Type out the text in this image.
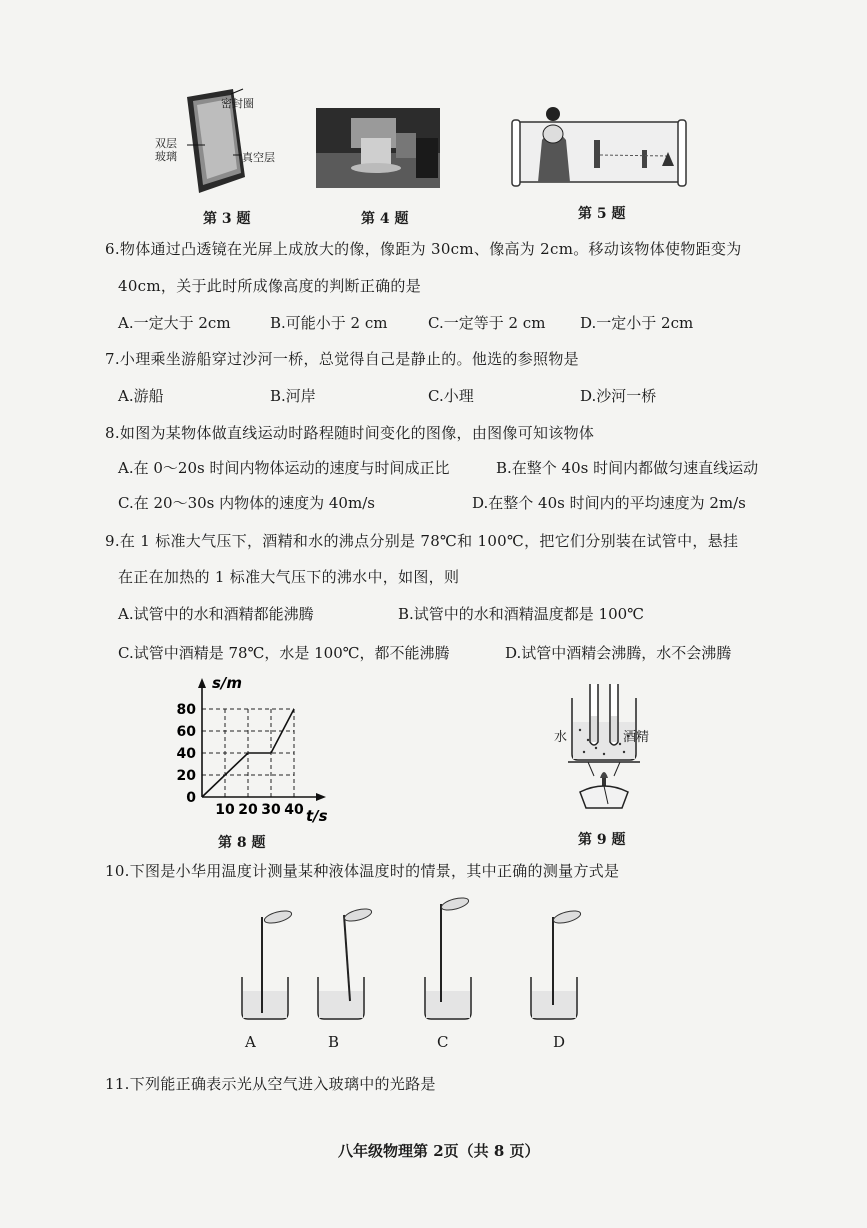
密封圈
双层
玻璃	真空层
第 3 题	第 4 题	第 5 题
6.物体通过凸透镜在光屏上成放大的像，像距为 30cm、像高为 2cm。移动该物体使物距变为
40cm，关于此时所成像高度的判断正确的是
A.一定大于 2cm	B.可能小于 2 cm	C.一定等于 2 cm D.一定小于 2cm
7.小理乘坐游船穿过沙河一桥，总觉得自己是静止的。他选的参照物是
A.游船	B.河岸	C.小理	D.沙河一桥
8.如图为某物体做直线运动时路程随时间变化的图像，由图像可知该物体
A.在 0～20s 时间内物体运动的速度与时间成正比	B.在整个 40s 时间内都做匀速直线运动
C.在 20～30s 内物体的速度为 40m/s	D.在整个 40s 时间内的平均速度为 2m/s
9.在 1 标准大气压下，酒精和水的沸点分别是 78℃和 100℃，把它们分别装在试管中，悬挂
在正在加热的 1 标准大气压下的沸水中，如图，则
A.试管中的水和酒精都能沸腾	B.试管中的水和酒精温度都是 100℃
C.试管中酒精是 78℃，水是 100℃，都不能沸腾	D.试管中酒精会沸腾，水不会沸腾
0
20
40
60
80
10 20 30 40
s/m
t/s
第 8 题
水	酒精
第 9 题
10.下图是小华用温度计测量某种液体温度时的情景，其中正确的测量方式是
A	B	C	D
11.下列能正确表示光从空气进入玻璃中的光路是
八年级物理第 2页（共 8 页）
